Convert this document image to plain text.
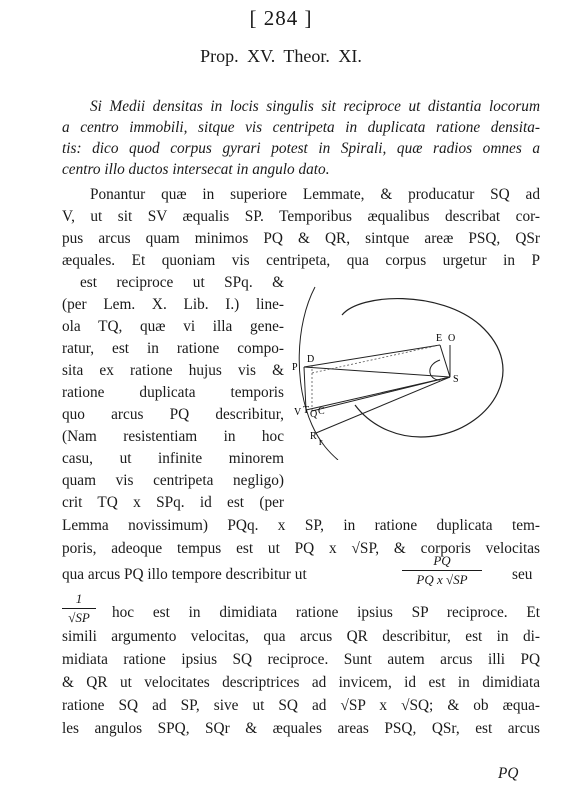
[ 284 ]
Prop. XV. Theor. XI.
Si Medii densitas in locis singulis sit reciproce ut distantia locorum
a centro immobili, sitque vis centripeta in duplicata ratione densita-
tis: dico quod corpus gyrari potest in Spirali, quæ radios omnes a
centro illo ductos intersecat in angulo dato.
Ponantur quæ in superiore Lemmate, & producatur SQ ad
V, ut sit SV æqualis SP. Temporibus æqualibus describat cor-
pus arcus quam minimos PQ & QR, sintque areæ PSQ, QSr
æquales. Et quoniam vis centripeta, qua corpus urgetur in P
est reciproce ut SPq. &
(per Lem. X. Lib. I.) line-
ola TQ, quæ vi illa gene-
ratur, est in ratione compo-
sita ex ratione hujus vis &
ratione duplicata temporis
quo arcus PQ describitur,
(Nam resistentiam in hoc
casu, ut infinite minorem
quam vis centripeta negligo)
crit TQ x SPq. id est (per
P
D
E O
S
V T Q C
R
r
Lemma novissimum) PQq. x SP, in ratione duplicata tem-
poris, adeoque tempus est ut PQ x √SP, & corporis velocitas
qua arcus PQ illo tempore describitur ut
PQ
PQ x √SP	seu
1
√SP	hoc est in dimidiata ratione ipsius SP reciproce. Et
simili argumento velocitas, qua arcus QR describitur, est in di-
midiata ratione ipsius SQ reciproce. Sunt autem arcus illi PQ
& QR ut velocitates descriptrices ad invicem, id est in dimidiata
ratione SQ ad SP, sive ut SQ ad √SP x √SQ; & ob æqua-
les angulos SPQ, SQr & æquales areas PSQ, QSr, est arcus
PQ
